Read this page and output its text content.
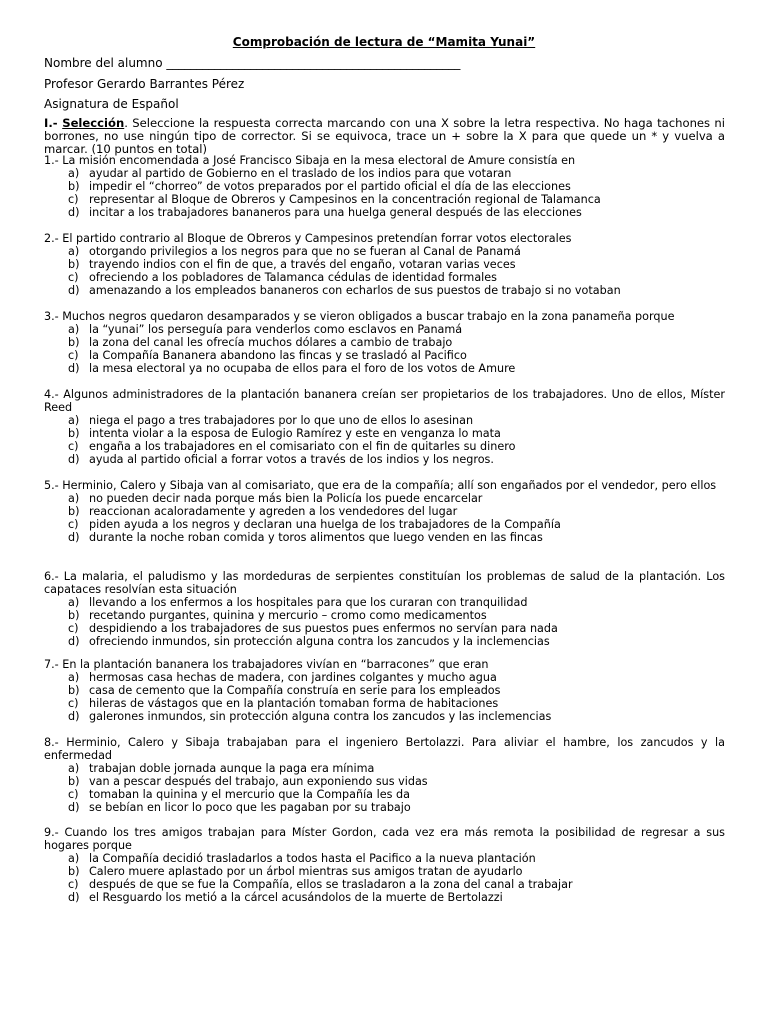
Comprobación de lectura de “Mamita Yunai”
Nombre del alumno _________________________________________________
Profesor Gerardo Barrantes Pérez
Asignatura de Español
I.- Selección. Seleccione la respuesta correcta marcando con una X sobre la letra respectiva. No haga tachones ni borrones, no use ningún tipo de corrector. Si se equivoca, trace un + sobre la X para que quede un * y vuelva a marcar. (10 puntos en total)
1.- La misión encomendada a José Francisco Sibaja en la mesa electoral de Amure consistía en
a) ayudar al partido de Gobierno en el traslado de los indios para que votaran
b) impedir el “chorreo” de votos preparados por el partido oficial el día de las elecciones
c) representar al Bloque de Obreros y Campesinos en la concentración regional de Talamanca
d) incitar a los trabajadores bananeros para una huelga general después de las elecciones
2.- El partido contrario al Bloque de Obreros y Campesinos pretendían forrar votos electorales
a) otorgando privilegios a los negros para que no se fueran al Canal de Panamá
b) trayendo indios con el fin de que, a través del engaño, votaran varias veces
c) ofreciendo a los pobladores de Talamanca cédulas de identidad formales
d) amenazando a los empleados bananeros con echarlos de sus puestos de trabajo si no votaban
3.- Muchos negros quedaron desamparados y se vieron obligados a buscar trabajo en la zona panameña porque
a) la “yunai” los perseguía para venderlos como esclavos en Panamá
b) la zona del canal les ofrecía muchos dólares a cambio de trabajo
c) la Compañía Bananera abandono las fincas y se trasladó al Pacifico
d) la mesa electoral ya no ocupaba de ellos para el foro de los votos de Amure
4.- Algunos administradores de la plantación bananera creían ser propietarios de los trabajadores. Uno de ellos, Míster Reed
a) niega el pago a tres trabajadores por lo que uno de ellos lo asesinan
b) intenta violar a la esposa de Eulogio Ramírez y este en venganza lo mata
c) engaña a los trabajadores en el comisariato con el fin de quitarles su dinero
d) ayuda al partido oficial a forrar votos a través de los indios y los negros.
5.- Herminio, Calero y Sibaja van al comisariato, que era de la compañía; allí son engañados por el vendedor, pero ellos
a) no pueden decir nada porque más bien la Policía los puede encarcelar
b) reaccionan acaloradamente y agreden a los vendedores del lugar
c) piden ayuda a los negros y declaran una huelga de los trabajadores de la Compañía
d) durante la noche roban comida y toros alimentos que luego venden en las fincas
6.- La malaria, el paludismo y las mordeduras de serpientes constituían los problemas de salud de la plantación. Los capataces resolvían esta situación
a) llevando a los enfermos a los hospitales para que los curaran con tranquilidad
b) recetando purgantes, quinina y mercurio – cromo como medicamentos
c) despidiendo a los trabajadores de sus puestos pues enfermos no servían para nada
d) ofreciendo inmundos, sin protección alguna contra los zancudos y la inclemencias
7.- En la plantación bananera los trabajadores vivían en “barracones” que eran
a) hermosas casa hechas de madera, con jardines colgantes y mucho agua
b) casa de cemento que la Compañía construía en serie para los empleados
c) hileras de vástagos que en la plantación tomaban forma de habitaciones
d) galerones inmundos, sin protección alguna contra los zancudos y las inclemencias
8.- Herminio, Calero y Sibaja trabajaban para el ingeniero Bertolazzi. Para aliviar el hambre, los zancudos y la enfermedad
a) trabajan doble jornada aunque la paga era mínima
b) van a pescar después del trabajo, aun exponiendo sus vidas
c) tomaban la quinina y el mercurio que la Compañía les da
d) se bebían en licor lo poco que les pagaban por su trabajo
9.- Cuando los tres amigos trabajan para Míster Gordon, cada vez era más remota la posibilidad de regresar a sus hogares porque
a) la Compañía decidió trasladarlos a todos hasta el Pacifico a la nueva plantación
b) Calero muere aplastado por un árbol mientras sus amigos tratan de ayudarlo
c) después de que se fue la Compañía, ellos se trasladaron a la zona del canal a trabajar
d) el Resguardo los metió a la cárcel acusándolos de la muerte de Bertolazzi
